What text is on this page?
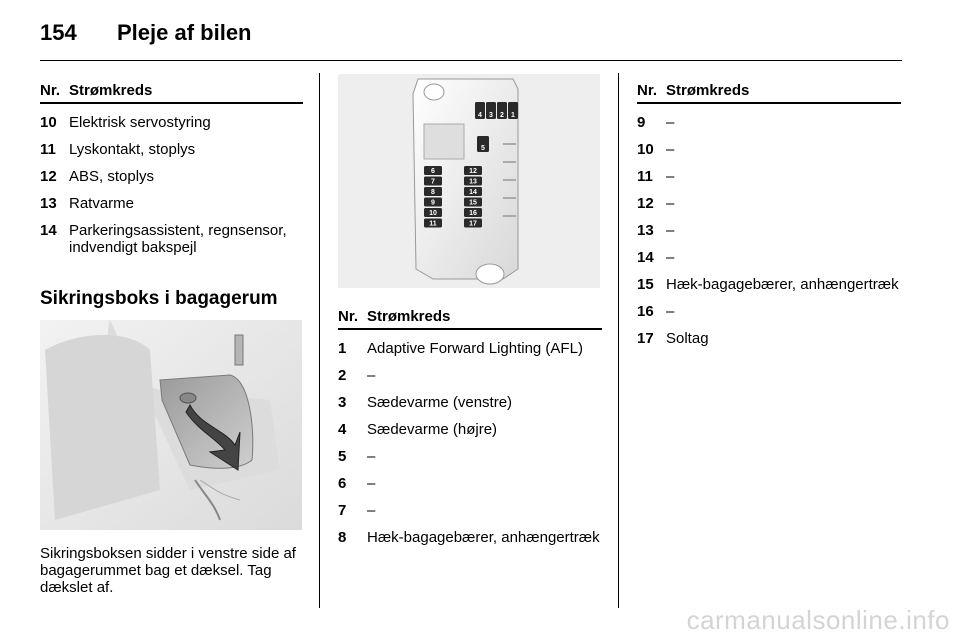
154 Pleje af bilen
Nr. Strømkreds
10 Elektrisk servostyring
11 Lyskontakt, stoplys
12 ABS, stoplys
13 Ratvarme
14 Parkeringsassistent, regnsensor, indvendigt bakspejl
Sikringsboks i bagagerum
Sikringsboksen sidder i venstre side af bagagerummet bag et dæksel. Tag dækslet af.
4 3 2 1
5
6
7
8
9
10
11
12
13
14
15
16
17
Nr. Strømkreds
1 Adaptive Forward Lighting (AFL)
2 –
3 Sædevarme (venstre)
4 Sædevarme (højre)
5 –
6 –
7 –
8 Hæk-bagagebærer, anhængertræk
Nr. Strømkreds
9 –
10 –
11 –
12 –
13 –
14 –
15 Hæk-bagagebærer, anhængertræk
16 –
17 Soltag
carmanualsonline.info
